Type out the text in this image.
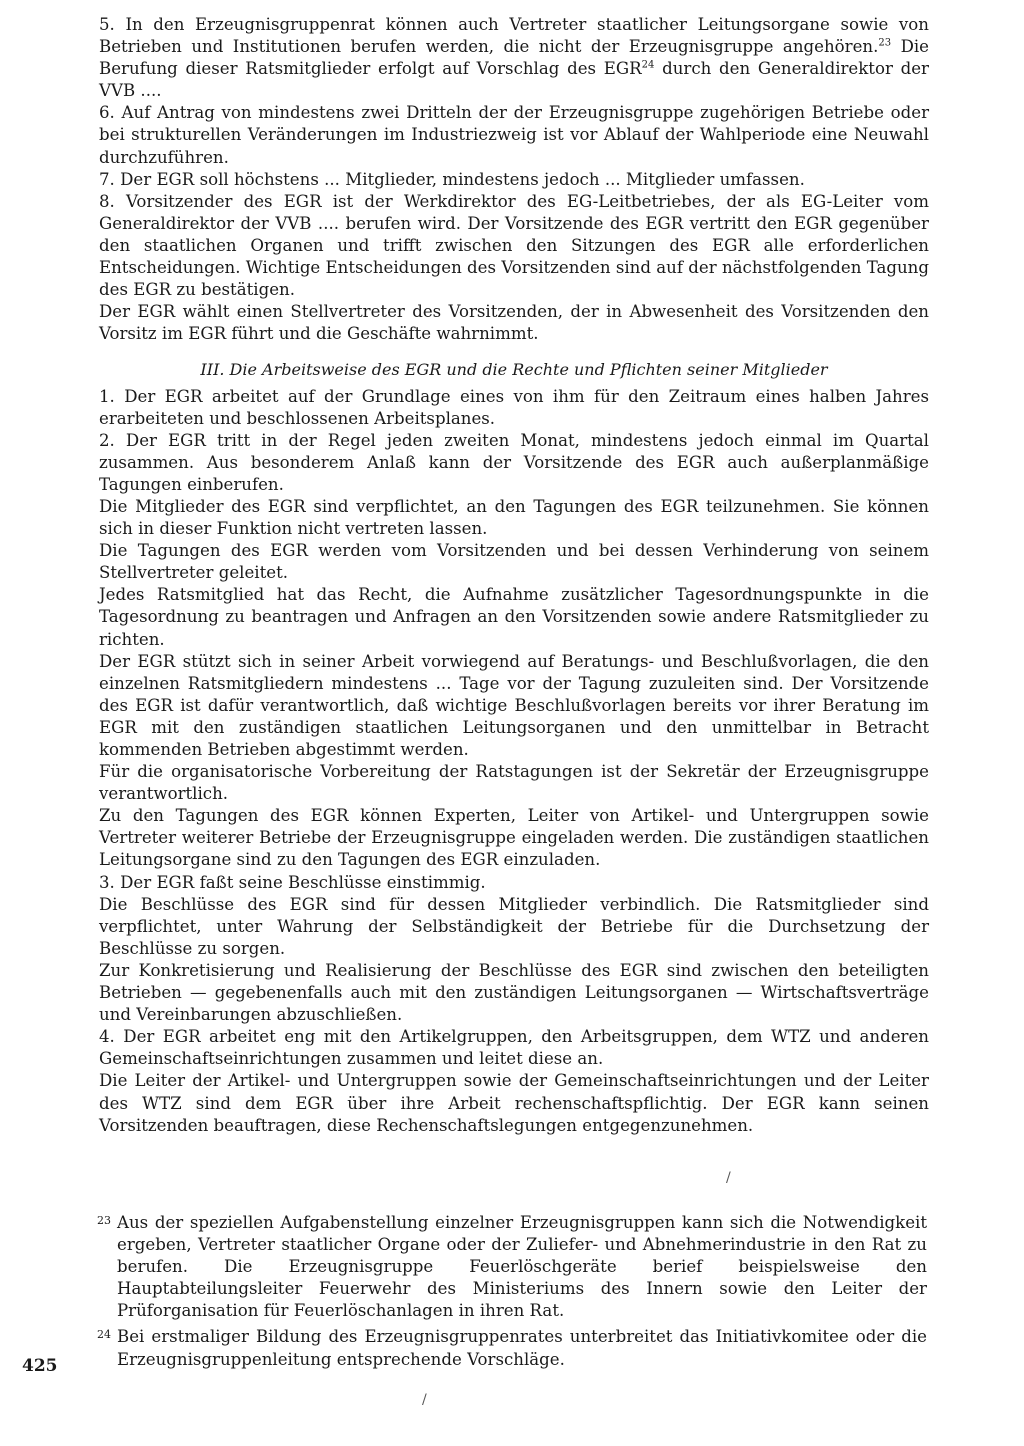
5. In den Erzeugnisgruppenrat können auch Vertreter staatlicher Leitungsorgane sowie von Betrieben und Institutionen berufen werden, die nicht der Erzeugnisgruppe angehören.$^{23}$ Die Berufung dieser Ratsmitglieder erfolgt auf Vorschlag des EGR$^{24}$ durch den Generaldirektor der VVB ....

6. Auf Antrag von mindestens zwei Dritteln der der Erzeugnisgruppe zugehörigen Betriebe oder bei strukturellen Veränderungen im Industriezweig ist vor Ablauf der Wahlperiode eine Neuwahl durchzuführen.

7. Der EGR soll höchstens ... Mitglieder, mindestens jedoch ... Mitglieder umfassen.

8. Vorsitzender des EGR ist der Werkdirektor des EG-Leitbetriebes, der als EG-Leiter vom Generaldirektor der VVB .... berufen wird. Der Vorsitzende des EGR vertritt den EGR gegenüber den staatlichen Organen und trifft zwischen den Sitzungen des EGR alle erforderlichen Entscheidungen. Wichtige Entscheidungen des Vorsitzenden sind auf der nächstfolgenden Tagung des EGR zu bestätigen.

Der EGR wählt einen Stellvertreter des Vorsitzenden, der in Abwesenheit des Vorsitzenden den Vorsitz im EGR führt und die Geschäfte wahrnimmt.

III. Die Arbeitsweise des EGR und die Rechte und Pflichten seiner Mitglieder

1. Der EGR arbeitet auf der Grundlage eines von ihm für den Zeitraum eines halben Jahres erarbeiteten und beschlossenen Arbeitsplanes.

2. Der EGR tritt in der Regel jeden zweiten Monat, mindestens jedoch einmal im Quartal zusammen. Aus besonderem Anlaß kann der Vorsitzende des EGR auch außerplanmäßige Tagungen einberufen.

Die Mitglieder des EGR sind verpflichtet, an den Tagungen des EGR teilzunehmen. Sie können sich in dieser Funktion nicht vertreten lassen.

Die Tagungen des EGR werden vom Vorsitzenden und bei dessen Verhinderung von seinem Stellvertreter geleitet.

Jedes Ratsmitglied hat das Recht, die Aufnahme zusätzlicher Tagesordnungspunkte in die Tagesordnung zu beantragen und Anfragen an den Vorsitzenden sowie andere Ratsmitglieder zu richten.

Der EGR stützt sich in seiner Arbeit vorwiegend auf Beratungs- und Beschlußvorlagen, die den einzelnen Ratsmitgliedern mindestens ... Tage vor der Tagung zuzuleiten sind. Der Vorsitzende des EGR ist dafür verantwortlich, daß wichtige Beschlußvorlagen bereits vor ihrer Beratung im EGR mit den zuständigen staatlichen Leitungsorganen und den unmittelbar in Betracht kommenden Betrieben abgestimmt werden.

Für die organisatorische Vorbereitung der Ratstagungen ist der Sekretär der Erzeugnisgruppe verantwortlich.

Zu den Tagungen des EGR können Experten, Leiter von Artikel- und Untergruppen sowie Vertreter weiterer Betriebe der Erzeugnisgruppe eingeladen werden. Die zuständigen staatlichen Leitungsorgane sind zu den Tagungen des EGR einzuladen.

3. Der EGR faßt seine Beschlüsse einstimmig.

Die Beschlüsse des EGR sind für dessen Mitglieder verbindlich. Die Ratsmitglieder sind verpflichtet, unter Wahrung der Selbständigkeit der Betriebe für die Durchsetzung der Beschlüsse zu sorgen.

Zur Konkretisierung und Realisierung der Beschlüsse des EGR sind zwischen den beteiligten Betrieben — gegebenenfalls auch mit den zuständigen Leitungsorganen — Wirtschaftsverträge und Vereinbarungen abzuschließen.

4. Der EGR arbeitet eng mit den Artikelgruppen, den Arbeitsgruppen, dem WTZ und anderen Gemeinschaftseinrichtungen zusammen und leitet diese an.

Die Leiter der Artikel- und Untergruppen sowie der Gemeinschaftseinrichtungen und der Leiter des WTZ sind dem EGR über ihre Arbeit rechenschaftspflichtig. Der EGR kann seinen Vorsitzenden beauftragen, diese Rechenschaftslegungen entgegenzunehmen.

/

23 Aus der speziellen Aufgabenstellung einzelner Erzeugnisgruppen kann sich die Notwendigkeit ergeben, Vertreter staatlicher Organe oder der Zuliefer- und Abnehmerindustrie in den Rat zu berufen. Die Erzeugnisgruppe Feuerlöschgeräte berief beispielsweise den Hauptabteilungsleiter Feuerwehr des Ministeriums des Innern sowie den Leiter der Prüforganisation für Feuerlöschanlagen in ihren Rat.

24 Bei erstmaliger Bildung des Erzeugnisgruppenrates unterbreitet das Initiativkomitee oder die Erzeugnisgruppenleitung entsprechende Vorschläge.

425
/
